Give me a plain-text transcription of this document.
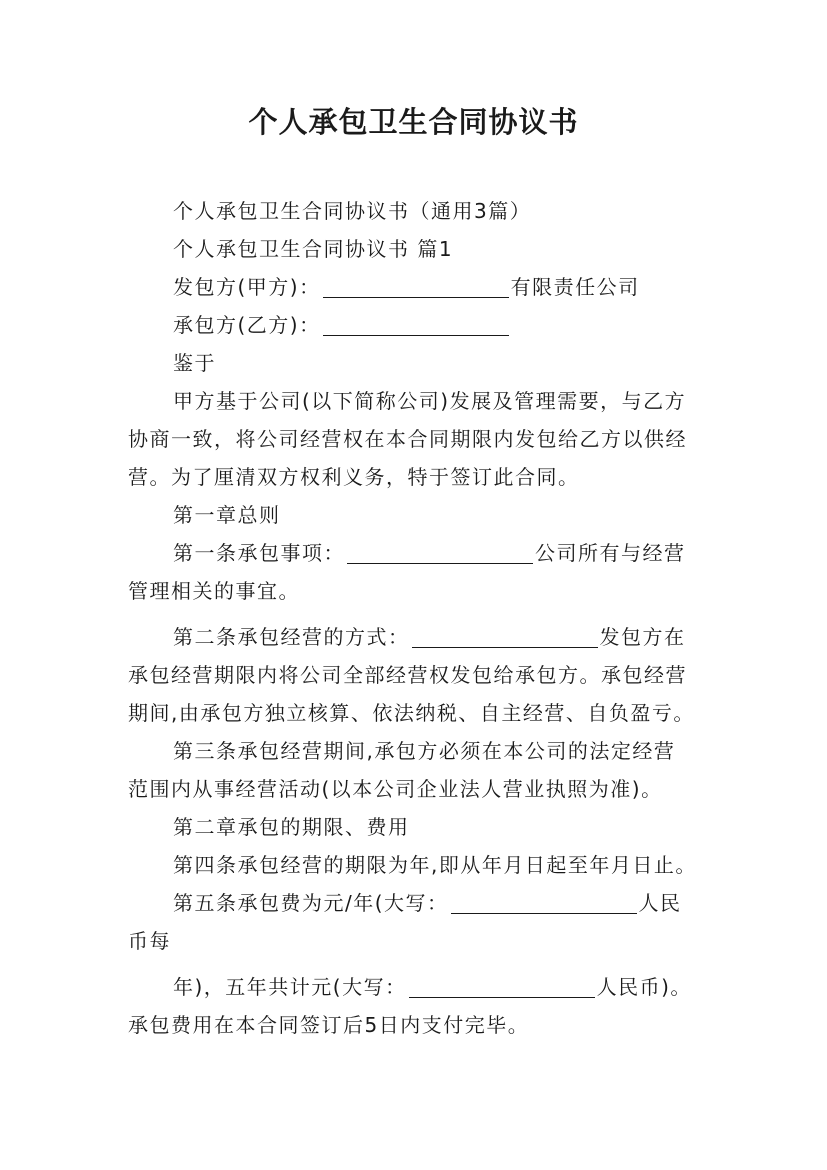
个人承包卫生合同协议书

个人承包卫生合同协议书（通用3篇）

个人承包卫生合同协议书 篇1

发包方(甲方)：	有限责任公司

承包方(乙方)：

鉴于

甲方基于公司(以下简称公司)发展及管理需要，与乙方

协商一致，将公司经营权在本合同期限内发包给乙方以供经

营。为了厘清双方权利义务，特于签订此合同。

第一章总则

第一条承包事项：	公司所有与经营

管理相关的事宜。

第二条承包经营的方式：	发包方在

承包经营期限内将公司全部经营权发包给承包方。承包经营

期间,由承包方独立核算、依法纳税、自主经营、自负盈亏。

第三条承包经营期间,承包方必须在本公司的法定经营

范围内从事经营活动(以本公司企业法人营业执照为准)。

第二章承包的期限、费用

第四条承包经营的期限为年,即从年月日起至年月日止。

第五条承包费为元/年(大写：	人民

币每

年)，五年共计元(大写：	人民币)。

承包费用在本合同签订后5日内支付完毕。
